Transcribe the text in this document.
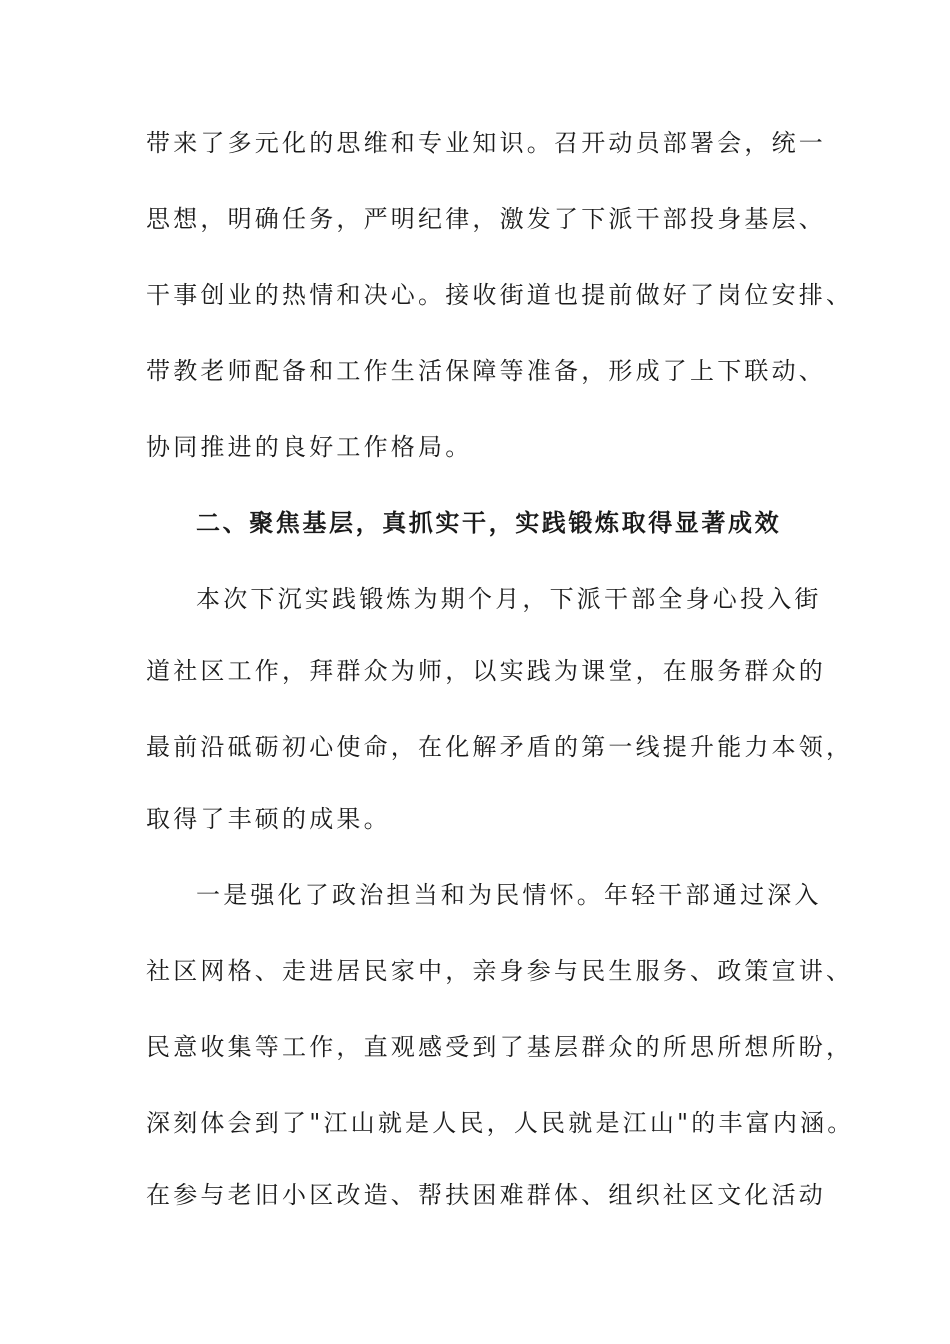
带来了多元化的思维和专业知识。召开动员部署会，统一
思想，明确任务，严明纪律，激发了下派干部投身基层、
干事创业的热情和决心。接收街道也提前做好了岗位安排、
带教老师配备和工作生活保障等准备，形成了上下联动、
协同推进的良好工作格局。
二、聚焦基层，真抓实干，实践锻炼取得显著成效
本次下沉实践锻炼为期个月，下派干部全身心投入街
道社区工作，拜群众为师，以实践为课堂，在服务群众的
最前沿砥砺初心使命，在化解矛盾的第一线提升能力本领，
取得了丰硕的成果。
一是强化了政治担当和为民情怀。年轻干部通过深入
社区网格、走进居民家中，亲身参与民生服务、政策宣讲、
民意收集等工作，直观感受到了基层群众的所思所想所盼，
深刻体会到了"江山就是人民，人民就是江山"的丰富内涵。
在参与老旧小区改造、帮扶困难群体、组织社区文化活动
